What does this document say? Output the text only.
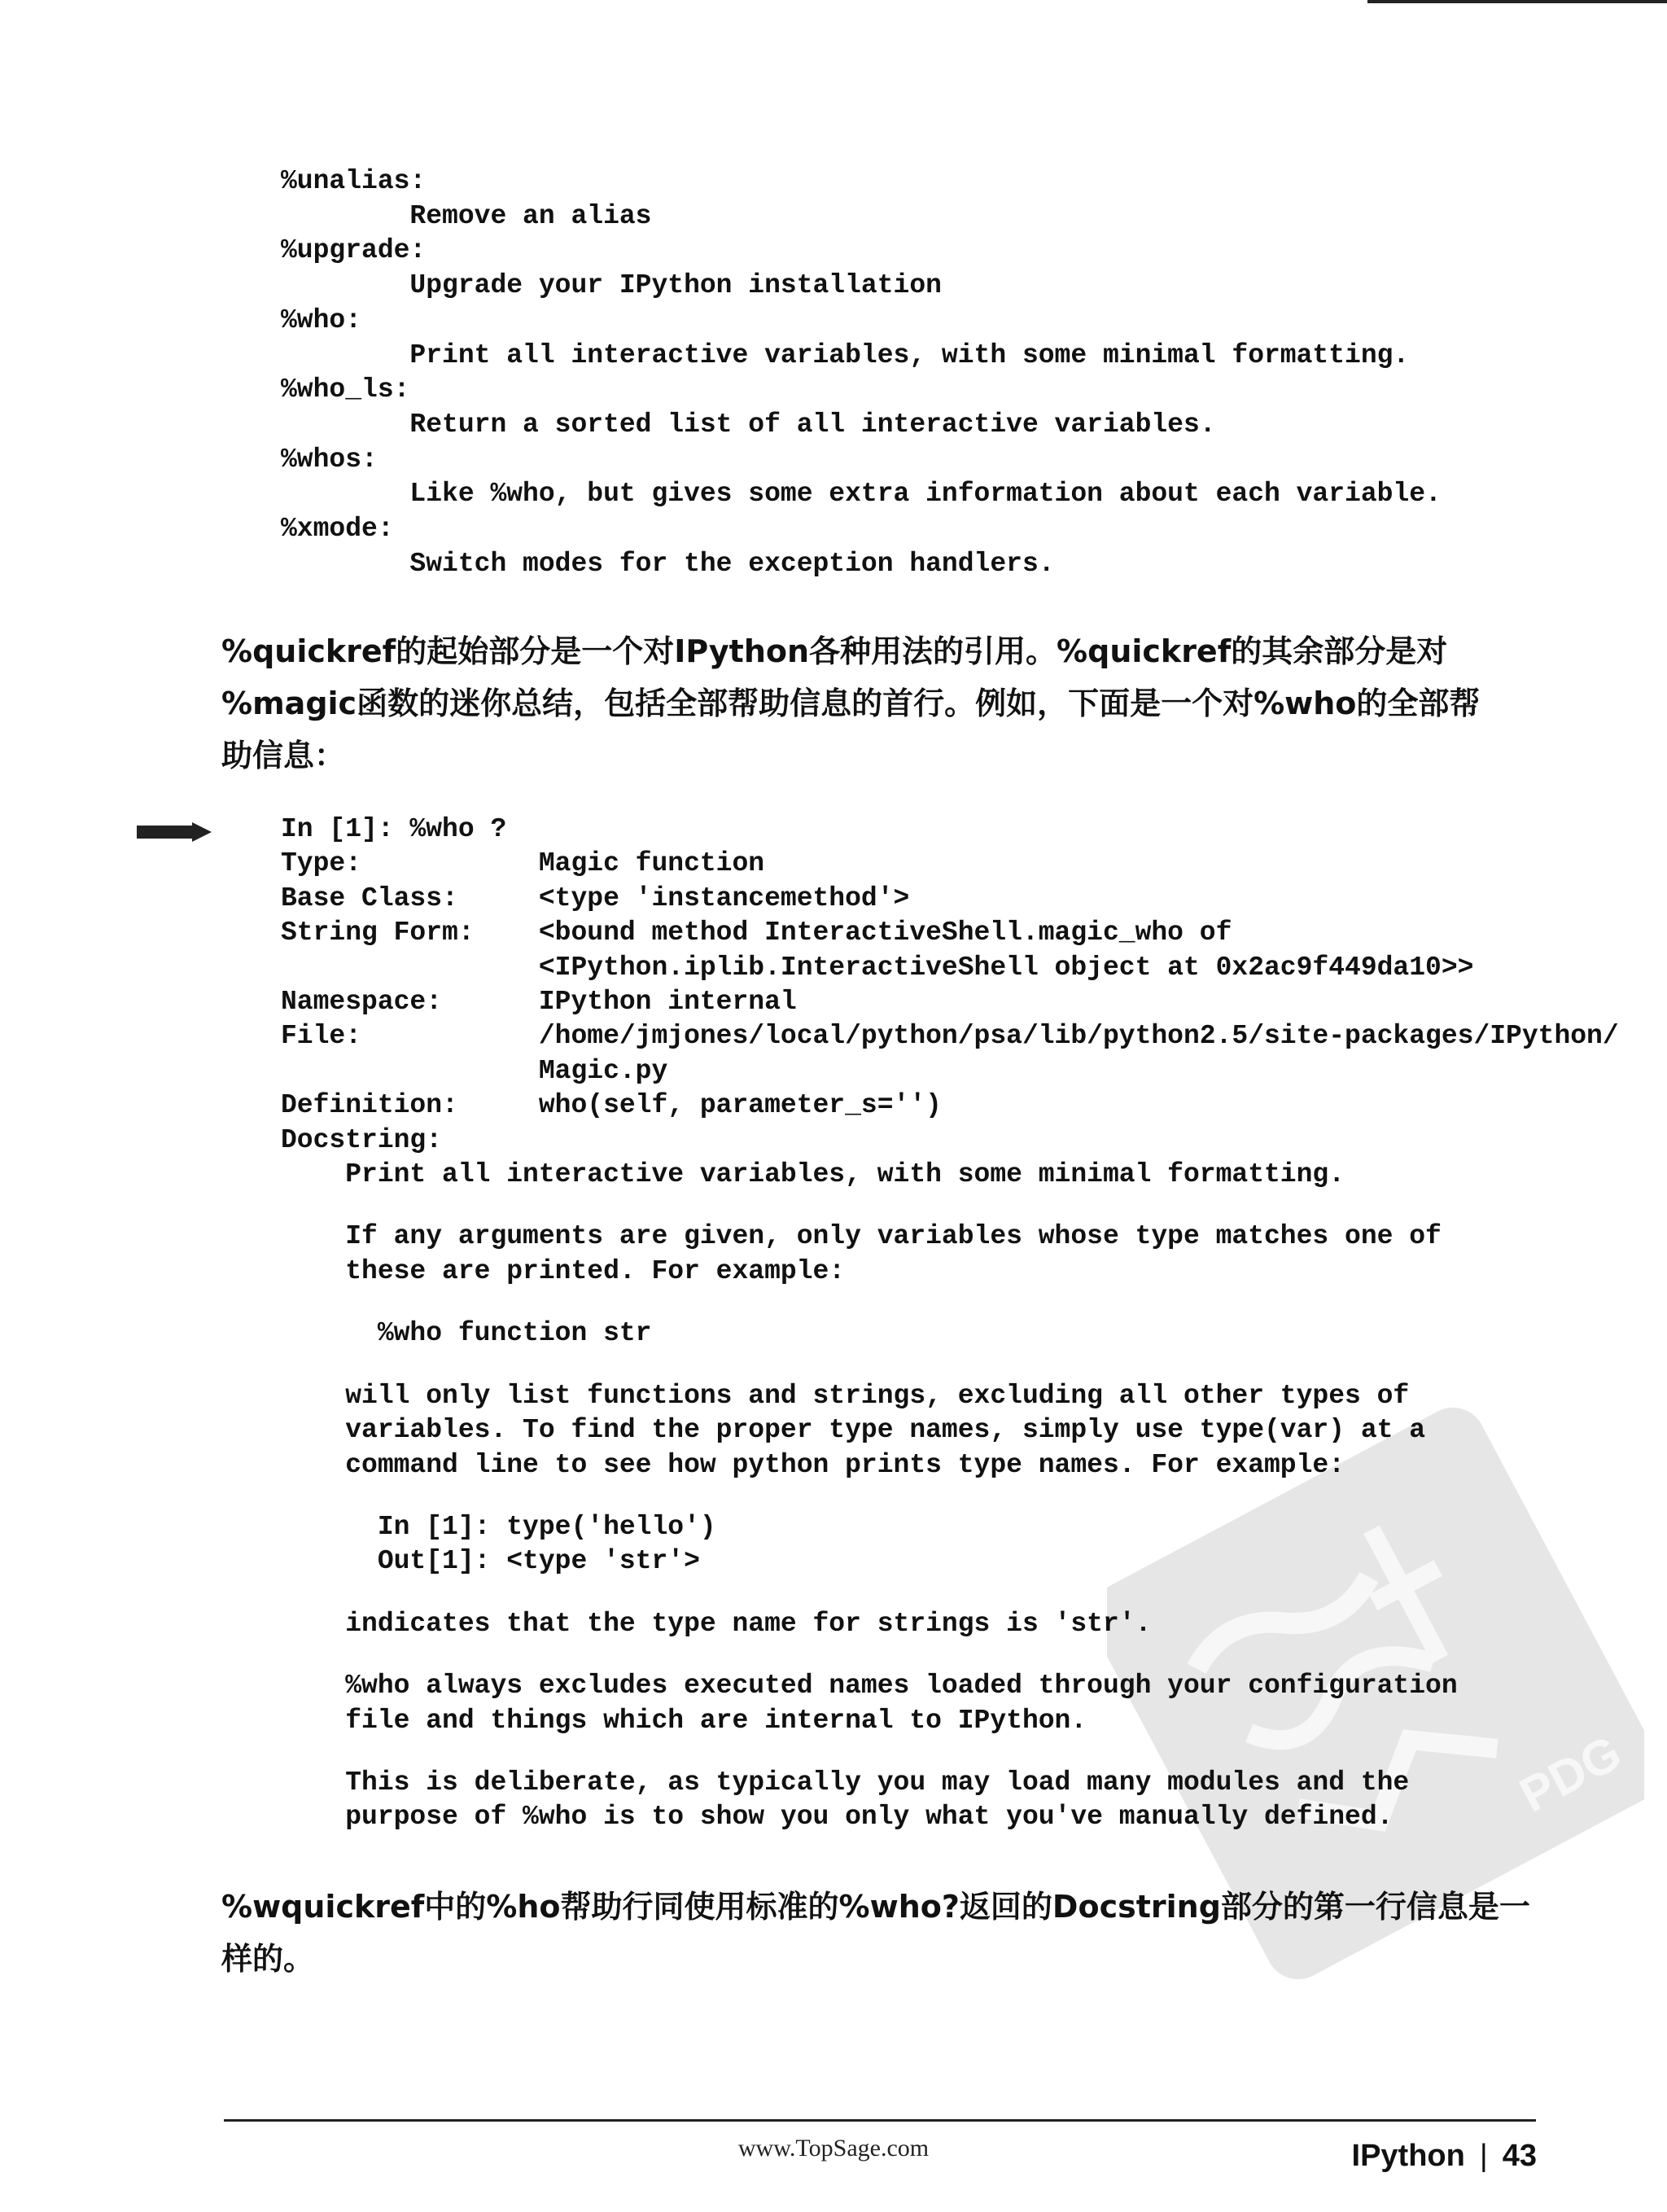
PDG
%unalias:
Remove an alias
%upgrade:
Upgrade your IPython installation
%who:
Print all interactive variables, with some minimal formatting.
%who_ls:
Return a sorted list of all interactive variables.
%whos:
Like %who, but gives some extra information about each variable.
%xmode:
Switch modes for the exception handlers.
%quickref的起始部分是一个对IPython各种用法的引用。%quickref的其余部分是对
%magic函数的迷你总结，包括全部帮助信息的首行。例如，下面是一个对%who的全部帮
助信息：
In [1]: %who ?
Type:           Magic function
Base Class:     <type 'instancemethod'>
String Form:    <bound method InteractiveShell.magic_who of
<IPython.iplib.InteractiveShell object at 0x2ac9f449da10>>
Namespace:      IPython internal
File:           /home/jmjones/local/python/psa/lib/python2.5/site-packages/IPython/
Magic.py
Definition:     who(self, parameter_s='')
Docstring:
Print all interactive variables, with some minimal formatting.

If any arguments are given, only variables whose type matches one of
these are printed. For example:

%who function str

will only list functions and strings, excluding all other types of
variables. To find the proper type names, simply use type(var) at a
command line to see how python prints type names. For example:

In [1]: type('hello')
Out[1]: <type 'str'>

indicates that the type name for strings is 'str'.

%who always excludes executed names loaded through your configuration
file and things which are internal to IPython.

This is deliberate, as typically you may load many modules and the
purpose of %who is to show you only what you've manually defined.
%wquickref中的%ho帮助行同使用标准的%who?返回的Docstring部分的第一行信息是一
样的。
www.TopSage.com	IPython | 43
